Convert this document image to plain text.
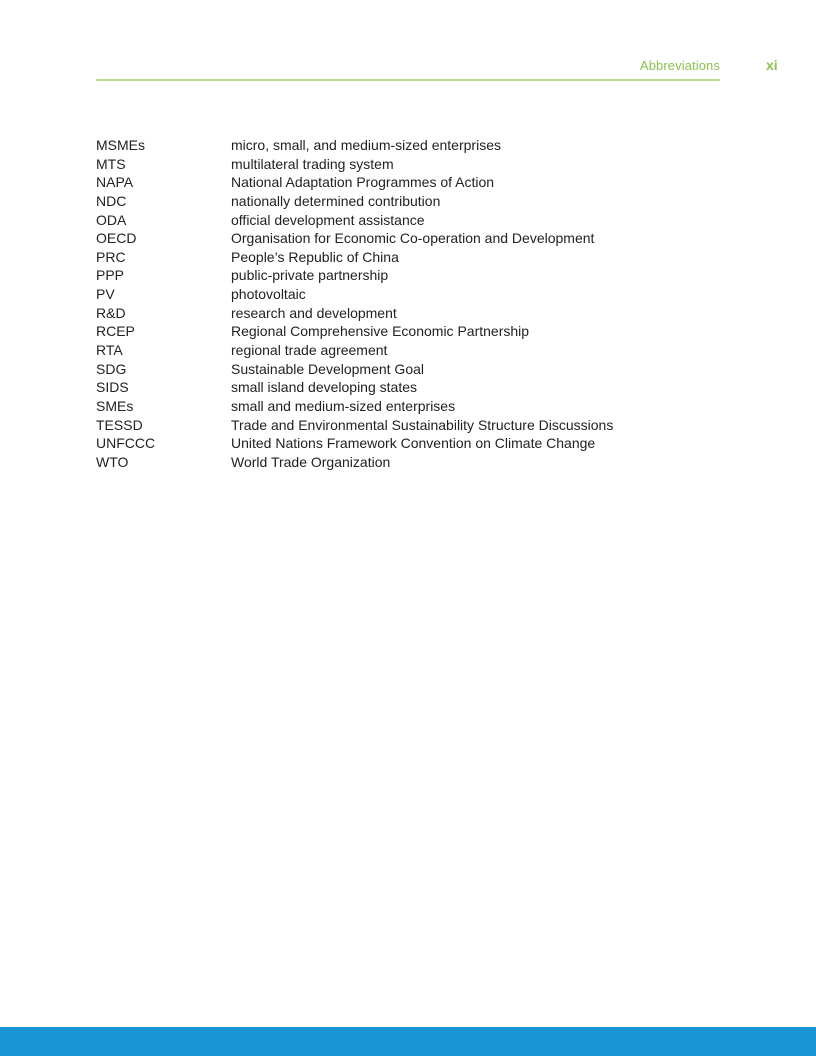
Abbreviations	xi
MSMEs	micro, small, and medium-sized enterprises
MTS	multilateral trading system
NAPA	National Adaptation Programmes of Action
NDC	nationally determined contribution
ODA	official development assistance
OECD	Organisation for Economic Co-operation and Development
PRC	People’s Republic of China
PPP	public-private partnership
PV	photovoltaic
R&D	research and development
RCEP	Regional Comprehensive Economic Partnership
RTA	regional trade agreement
SDG	Sustainable Development Goal
SIDS	small island developing states
SMEs	small and medium-sized enterprises
TESSD	Trade and Environmental Sustainability Structure Discussions
UNFCCC	United Nations Framework Convention on Climate Change
WTO	World Trade Organization
